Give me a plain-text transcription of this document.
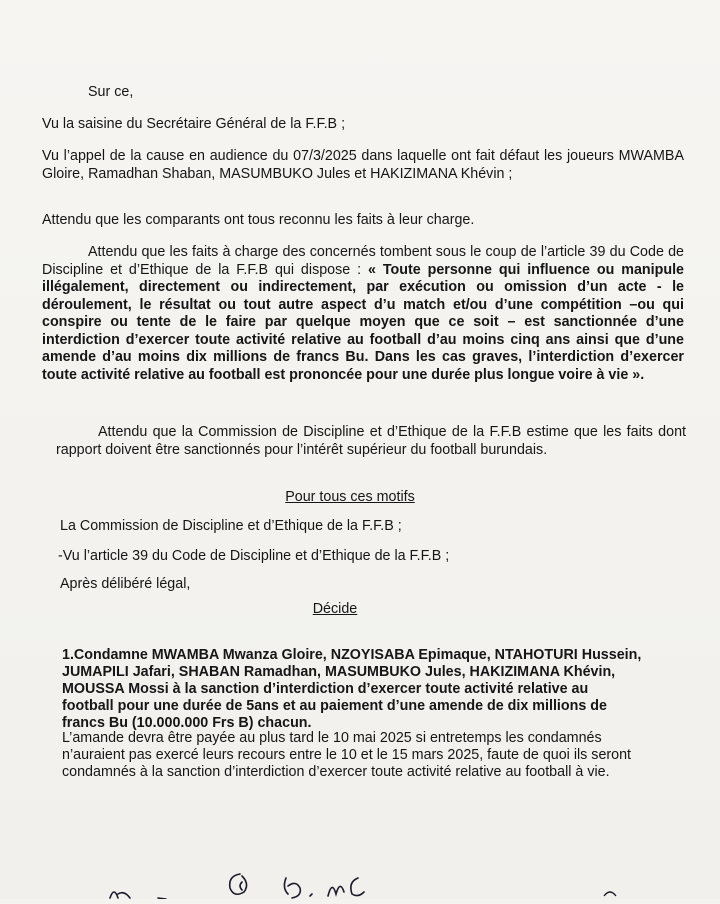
Sur ce,

Vu la saisine du Secrétaire Général de la F.F.B ;

Vu l’appel de la cause en audience du 07/3/2025 dans laquelle ont fait défaut les joueurs MWAMBA Gloire, Ramadhan Shaban, MASUMBUKO Jules et HAKIZIMANA Khévin ;

Attendu que les comparants ont tous reconnu les faits à leur charge.

Attendu que les faits à charge des concernés tombent sous le coup de l’article 39 du Code de Discipline et d’Ethique de la F.F.B qui dispose : « Toute personne qui influence ou manipule illégalement, directement ou indirectement, par exécution ou omission d’un acte - le déroulement, le résultat ou tout autre aspect d’u match et/ou d’une compétition –ou qui conspire ou tente de le faire par quelque moyen que ce soit – est sanctionnée d’une interdiction d’exercer toute activité relative au football d’au moins cinq ans ainsi que d’une amende d’au moins dix millions de francs Bu. Dans les cas graves, l’interdiction d’exercer toute activité relative au football est prononcée pour une durée plus longue voire à vie ».

Attendu que la Commission de Discipline et d’Ethique de la F.F.B estime que les faits dont rapport doivent être sanctionnés pour l’intérêt supérieur du football burundais.

Pour tous ces motifs

La Commission de Discipline et d’Ethique de la F.F.B ;

-Vu l’article 39 du Code de Discipline et d’Ethique de la F.F.B ;

Après délibéré légal,

Décide

1.Condamne MWAMBA Mwanza Gloire, NZOYISABA Epimaque, NTAHOTURI Hussein, JUMAPILI Jafari, SHABAN Ramadhan, MASUMBUKO Jules, HAKIZIMANA Khévin, MOUSSA Mossi à la sanction d’interdiction d’exercer toute activité relative au football pour une durée de 5ans et au paiement d’une amende de dix millions de francs Bu (10.000.000 Frs B) chacun.

L’amande devra être payée au plus tard le 10 mai 2025 si entretemps les condamnés n’auraient pas exercé leurs recours entre le 10 et le 15 mars 2025, faute de quoi ils seront condamnés à la sanction d’interdiction d’exercer toute activité relative au football à vie.
